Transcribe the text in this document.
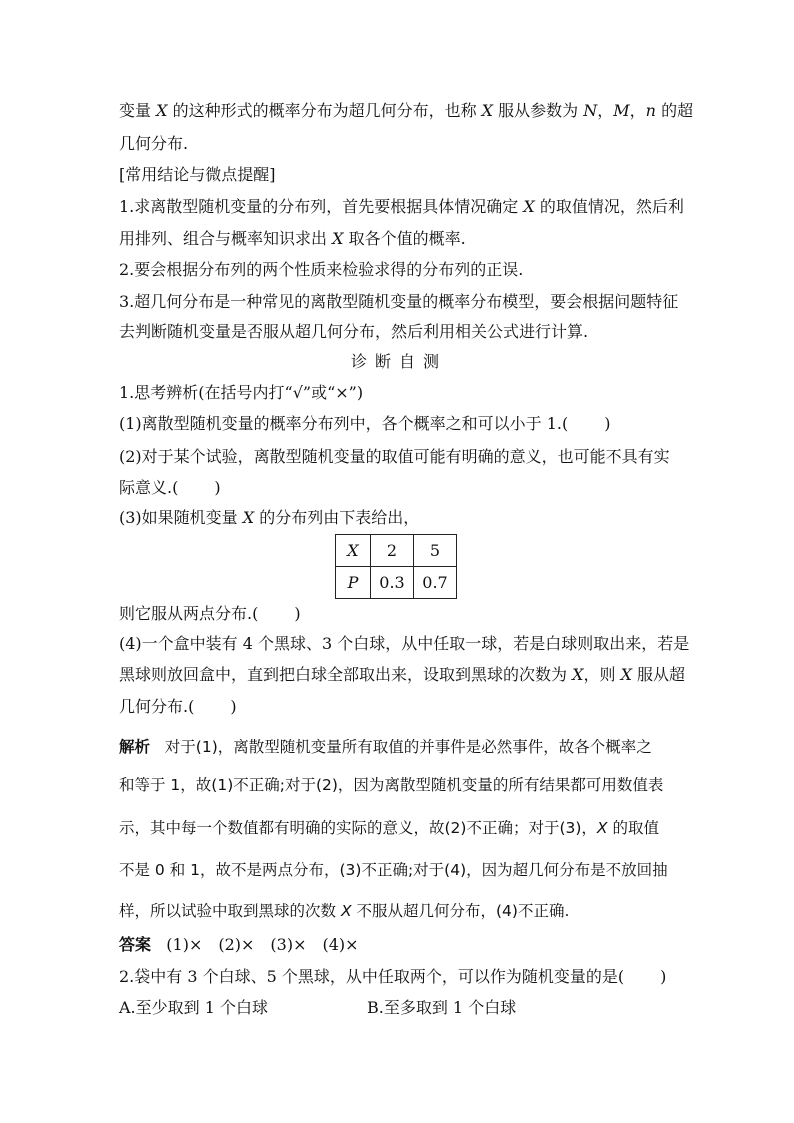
变量 X 的这种形式的概率分布为超几何分布，也称 X 服从参数为 N，M，n 的超
几何分布.
[常用结论与微点提醒]
1.求离散型随机变量的分布列，首先要根据具体情况确定 X 的取值情况，然后利
用排列、组合与概率知识求出 X 取各个值的概率.
2.要会根据分布列的两个性质来检验求得的分布列的正误.
3.超几何分布是一种常见的离散型随机变量的概率分布模型，要会根据问题特征
去判断随机变量是否服从超几何分布，然后利用相关公式进行计算.
诊断自测
1.思考辨析(在括号内打“√”或“×”)
(1)离散型随机变量的概率分布列中，各个概率之和可以小于 1.( )
(2)对于某个试验，离散型随机变量的取值可能有明确的意义，也可能不具有实
际意义.( )
(3)如果随机变量 X 的分布列由下表给出，
X	2	5
P	0.3	0.7
则它服从两点分布.( )
(4)一个盒中装有 4 个黑球、3 个白球，从中任取一球，若是白球则取出来，若是
黑球则放回盒中，直到把白球全部取出来，设取到黑球的次数为 X，则 X 服从超
几何分布.( )
解析 对于(1)，离散型随机变量所有取值的并事件是必然事件，故各个概率之
和等于 1，故(1)不正确;对于(2)，因为离散型随机变量的所有结果都可用数值表
示，其中每一个数值都有明确的实际的意义，故(2)不正确；对于(3)，X 的取值
不是 0 和 1，故不是两点分布，(3)不正确;对于(4)，因为超几何分布是不放回抽
样，所以试验中取到黑球的次数 X 不服从超几何分布，(4)不正确.
答案 (1)×　(2)×　(3)×　(4)×
2.袋中有 3 个白球、5 个黑球，从中任取两个，可以作为随机变量的是( )
A.至少取到 1 个白球	B.至多取到 1 个白球
